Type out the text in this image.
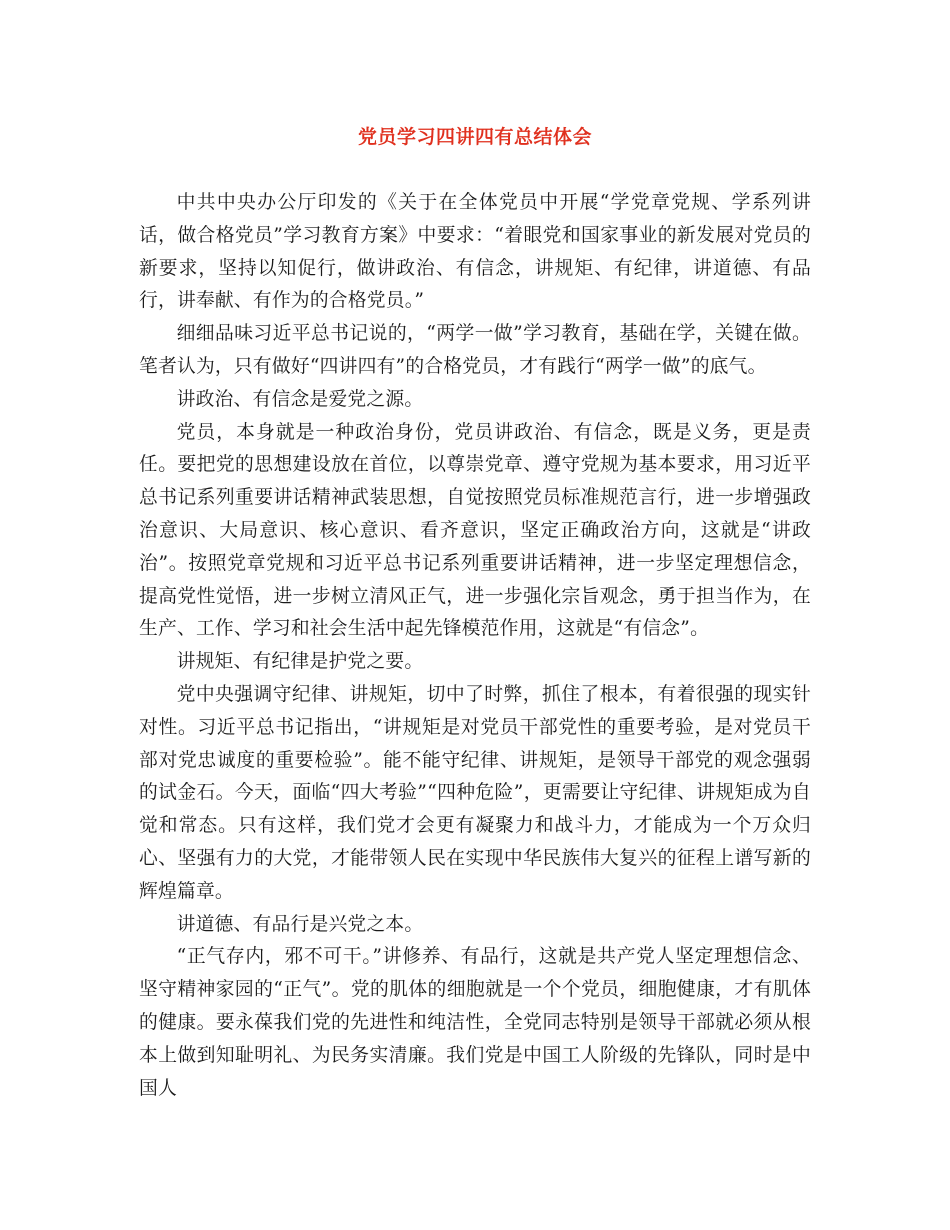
党员学习四讲四有总结体会

中共中央办公厅印发的《关于在全体党员中开展“学党章党规、学系列讲话，做合格党员”学习教育方案》中要求：“着眼党和国家事业的新发展对党员的新要求，坚持以知促行，做讲政治、有信念，讲规矩、有纪律，讲道德、有品行，讲奉献、有作为的合格党员。”

细细品味习近平总书记说的，“两学一做”学习教育，基础在学，关键在做。笔者认为，只有做好“四讲四有”的合格党员，才有践行“两学一做”的底气。

讲政治、有信念是爱党之源。

党员，本身就是一种政治身份，党员讲政治、有信念，既是义务，更是责任。要把党的思想建设放在首位，以尊崇党章、遵守党规为基本要求，用习近平总书记系列重要讲话精神武装思想，自觉按照党员标准规范言行，进一步增强政治意识、大局意识、核心意识、看齐意识，坚定正确政治方向，这就是“讲政治”。按照党章党规和习近平总书记系列重要讲话精神，进一步坚定理想信念，提高党性觉悟，进一步树立清风正气，进一步强化宗旨观念，勇于担当作为，在生产、工作、学习和社会生活中起先锋模范作用，这就是“有信念”。

讲规矩、有纪律是护党之要。

党中央强调守纪律、讲规矩，切中了时弊，抓住了根本，有着很强的现实针对性。习近平总书记指出，“讲规矩是对党员干部党性的重要考验，是对党员干部对党忠诚度的重要检验”。能不能守纪律、讲规矩，是领导干部党的观念强弱的试金石。今天，面临“四大考验”“四种危险”，更需要让守纪律、讲规矩成为自觉和常态。只有这样，我们党才会更有凝聚力和战斗力，才能成为一个万众归心、坚强有力的大党，才能带领人民在实现中华民族伟大复兴的征程上谱写新的辉煌篇章。

讲道德、有品行是兴党之本。

“正气存内，邪不可干。”讲修养、有品行，这就是共产党人坚定理想信念、坚守精神家园的“正气”。党的肌体的细胞就是一个个党员，细胞健康，才有肌体的健康。要永葆我们党的先进性和纯洁性，全党同志特别是领导干部就必须从根本上做到知耻明礼、为民务实清廉。我们党是中国工人阶级的先锋队，同时是中国人
